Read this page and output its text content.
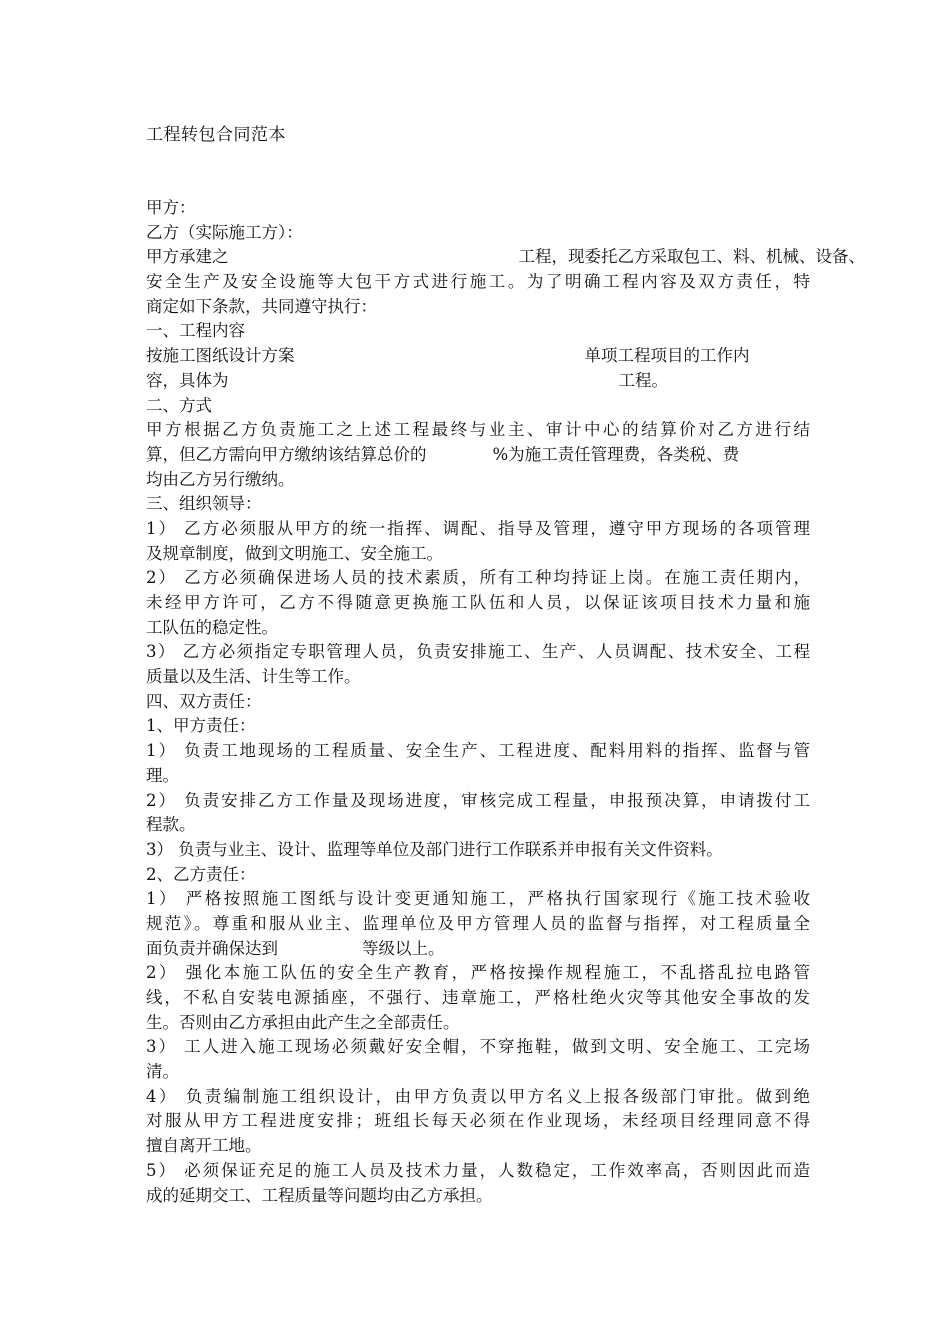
工程转包合同范本
甲方：
乙方（实际施工方）：
甲方承建之	工程，现委托乙方采取包工、料、机械、设备、
安全生产及安全设施等大包干方式进行施工。为了明确工程内容及双方责任，特
商定如下条款，共同遵守执行：
一、工程内容
按施工图纸设计方案	单项工程项目的工作内
容，具体为	工程。
二、方式
甲方根据乙方负责施工之上述工程最终与业主、审计中心的结算价对乙方进行结
算，但乙方需向甲方缴纳该结算总价的	%为施工责任管理费，各类税、费
均由乙方另行缴纳。
三、组织领导：
1） 乙方必须服从甲方的统一指挥、调配、指导及管理，遵守甲方现场的各项管理
及规章制度，做到文明施工、安全施工。
2） 乙方必须确保进场人员的技术素质，所有工种均持证上岗。在施工责任期内，
未经甲方许可，乙方不得随意更换施工队伍和人员，以保证该项目技术力量和施
工队伍的稳定性。
3） 乙方必须指定专职管理人员，负责安排施工、生产、人员调配、技术安全、工程
质量以及生活、计生等工作。
四、双方责任：
1、甲方责任：
1） 负责工地现场的工程质量、安全生产、工程进度、配料用料的指挥、监督与管
理。
2） 负责安排乙方工作量及现场进度，审核完成工程量，申报预决算，申请拨付工
程款。
3） 负责与业主、设计、监理等单位及部门进行工作联系并申报有关文件资料。
2、乙方责任：
1） 严格按照施工图纸与设计变更通知施工，严格执行国家现行《施工技术验收
规范》。尊重和服从业主、监理单位及甲方管理人员的监督与指挥，对工程质量全
面负责并确保达到	等级以上。
2） 强化本施工队伍的安全生产教育，严格按操作规程施工，不乱搭乱拉电路管
线，不私自安装电源插座，不强行、违章施工，严格杜绝火灾等其他安全事故的发
生。否则由乙方承担由此产生之全部责任。
3） 工人进入施工现场必须戴好安全帽，不穿拖鞋，做到文明、安全施工、工完场
清。
4） 负责编制施工组织设计，由甲方负责以甲方名义上报各级部门审批。做到绝
对服从甲方工程进度安排；班组长每天必须在作业现场，未经项目经理同意不得
擅自离开工地。
5） 必须保证充足的施工人员及技术力量，人数稳定，工作效率高，否则因此而造
成的延期交工、工程质量等问题均由乙方承担。
